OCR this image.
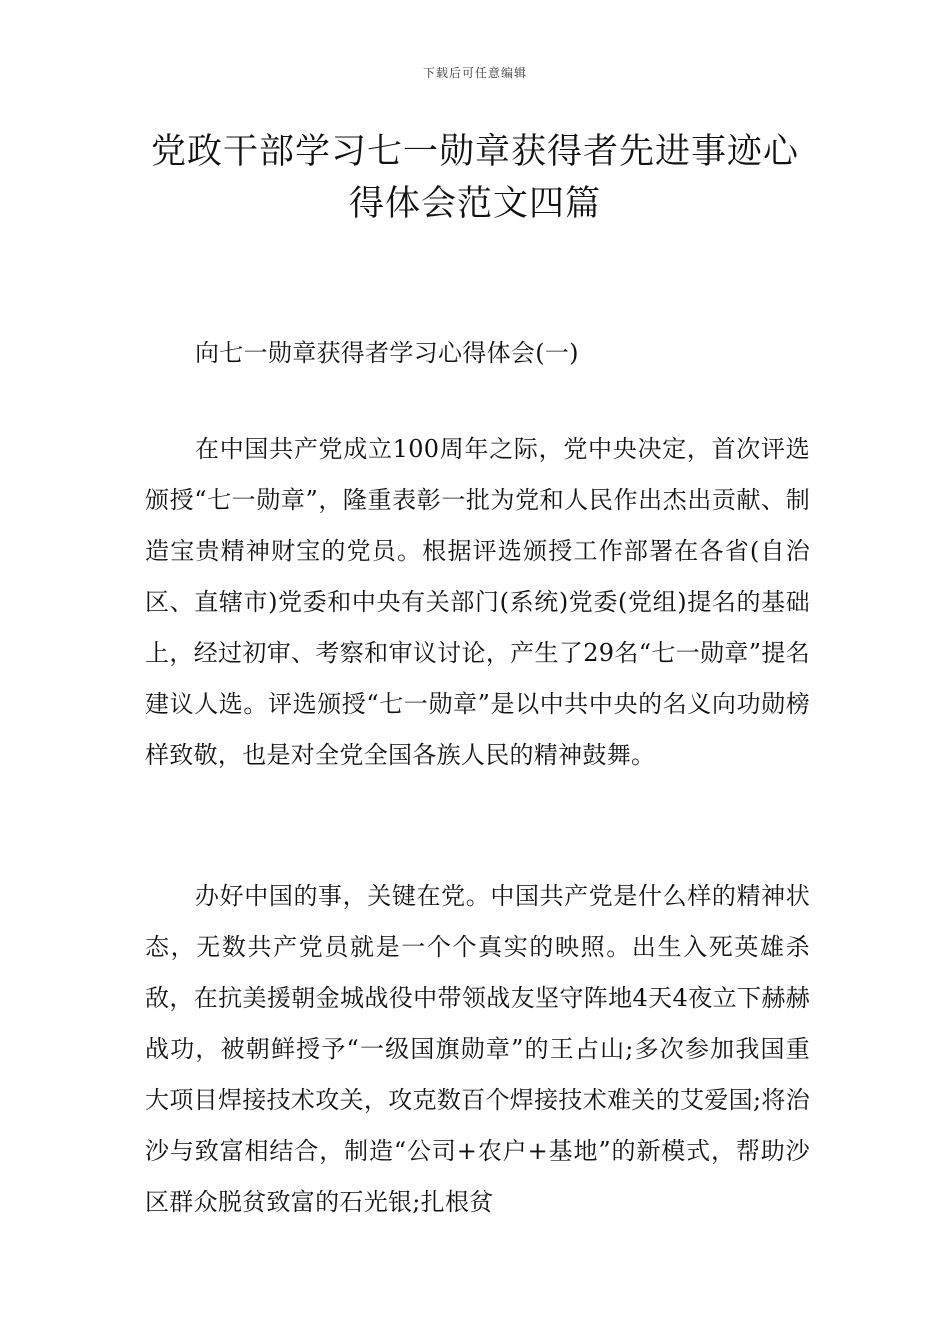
下载后可任意编辑
党政干部学习七一勋章获得者先进事迹心得体会范文四篇

向七一勋章获得者学习心得体会(一)

在中国共产党成立100周年之际，党中央决定，首次评选颁授“七一勋章”，隆重表彰一批为党和人民作出杰出贡献、制造宝贵精神财宝的党员。根据评选颁授工作部署在各省(自治区、直辖市)党委和中央有关部门(系统)党委(党组)提名的基础上，经过初审、考察和审议讨论，产生了29名“七一勋章”提名建议人选。评选颁授“七一勋章”是以中共中央的名义向功勋榜样致敬，也是对全党全国各族人民的精神鼓舞。

办好中国的事，关键在党。中国共产党是什么样的精神状态，无数共产党员就是一个个真实的映照。出生入死英雄杀敌，在抗美援朝金城战役中带领战友坚守阵地4天4夜立下赫赫战功，被朝鲜授予“一级国旗勋章”的王占山;多次参加我国重大项目焊接技术攻关，攻克数百个焊接技术难关的艾爱国;将治沙与致富相结合，制造“公司+农户+基地”的新模式，帮助沙区群众脱贫致富的石光银;扎根贫
